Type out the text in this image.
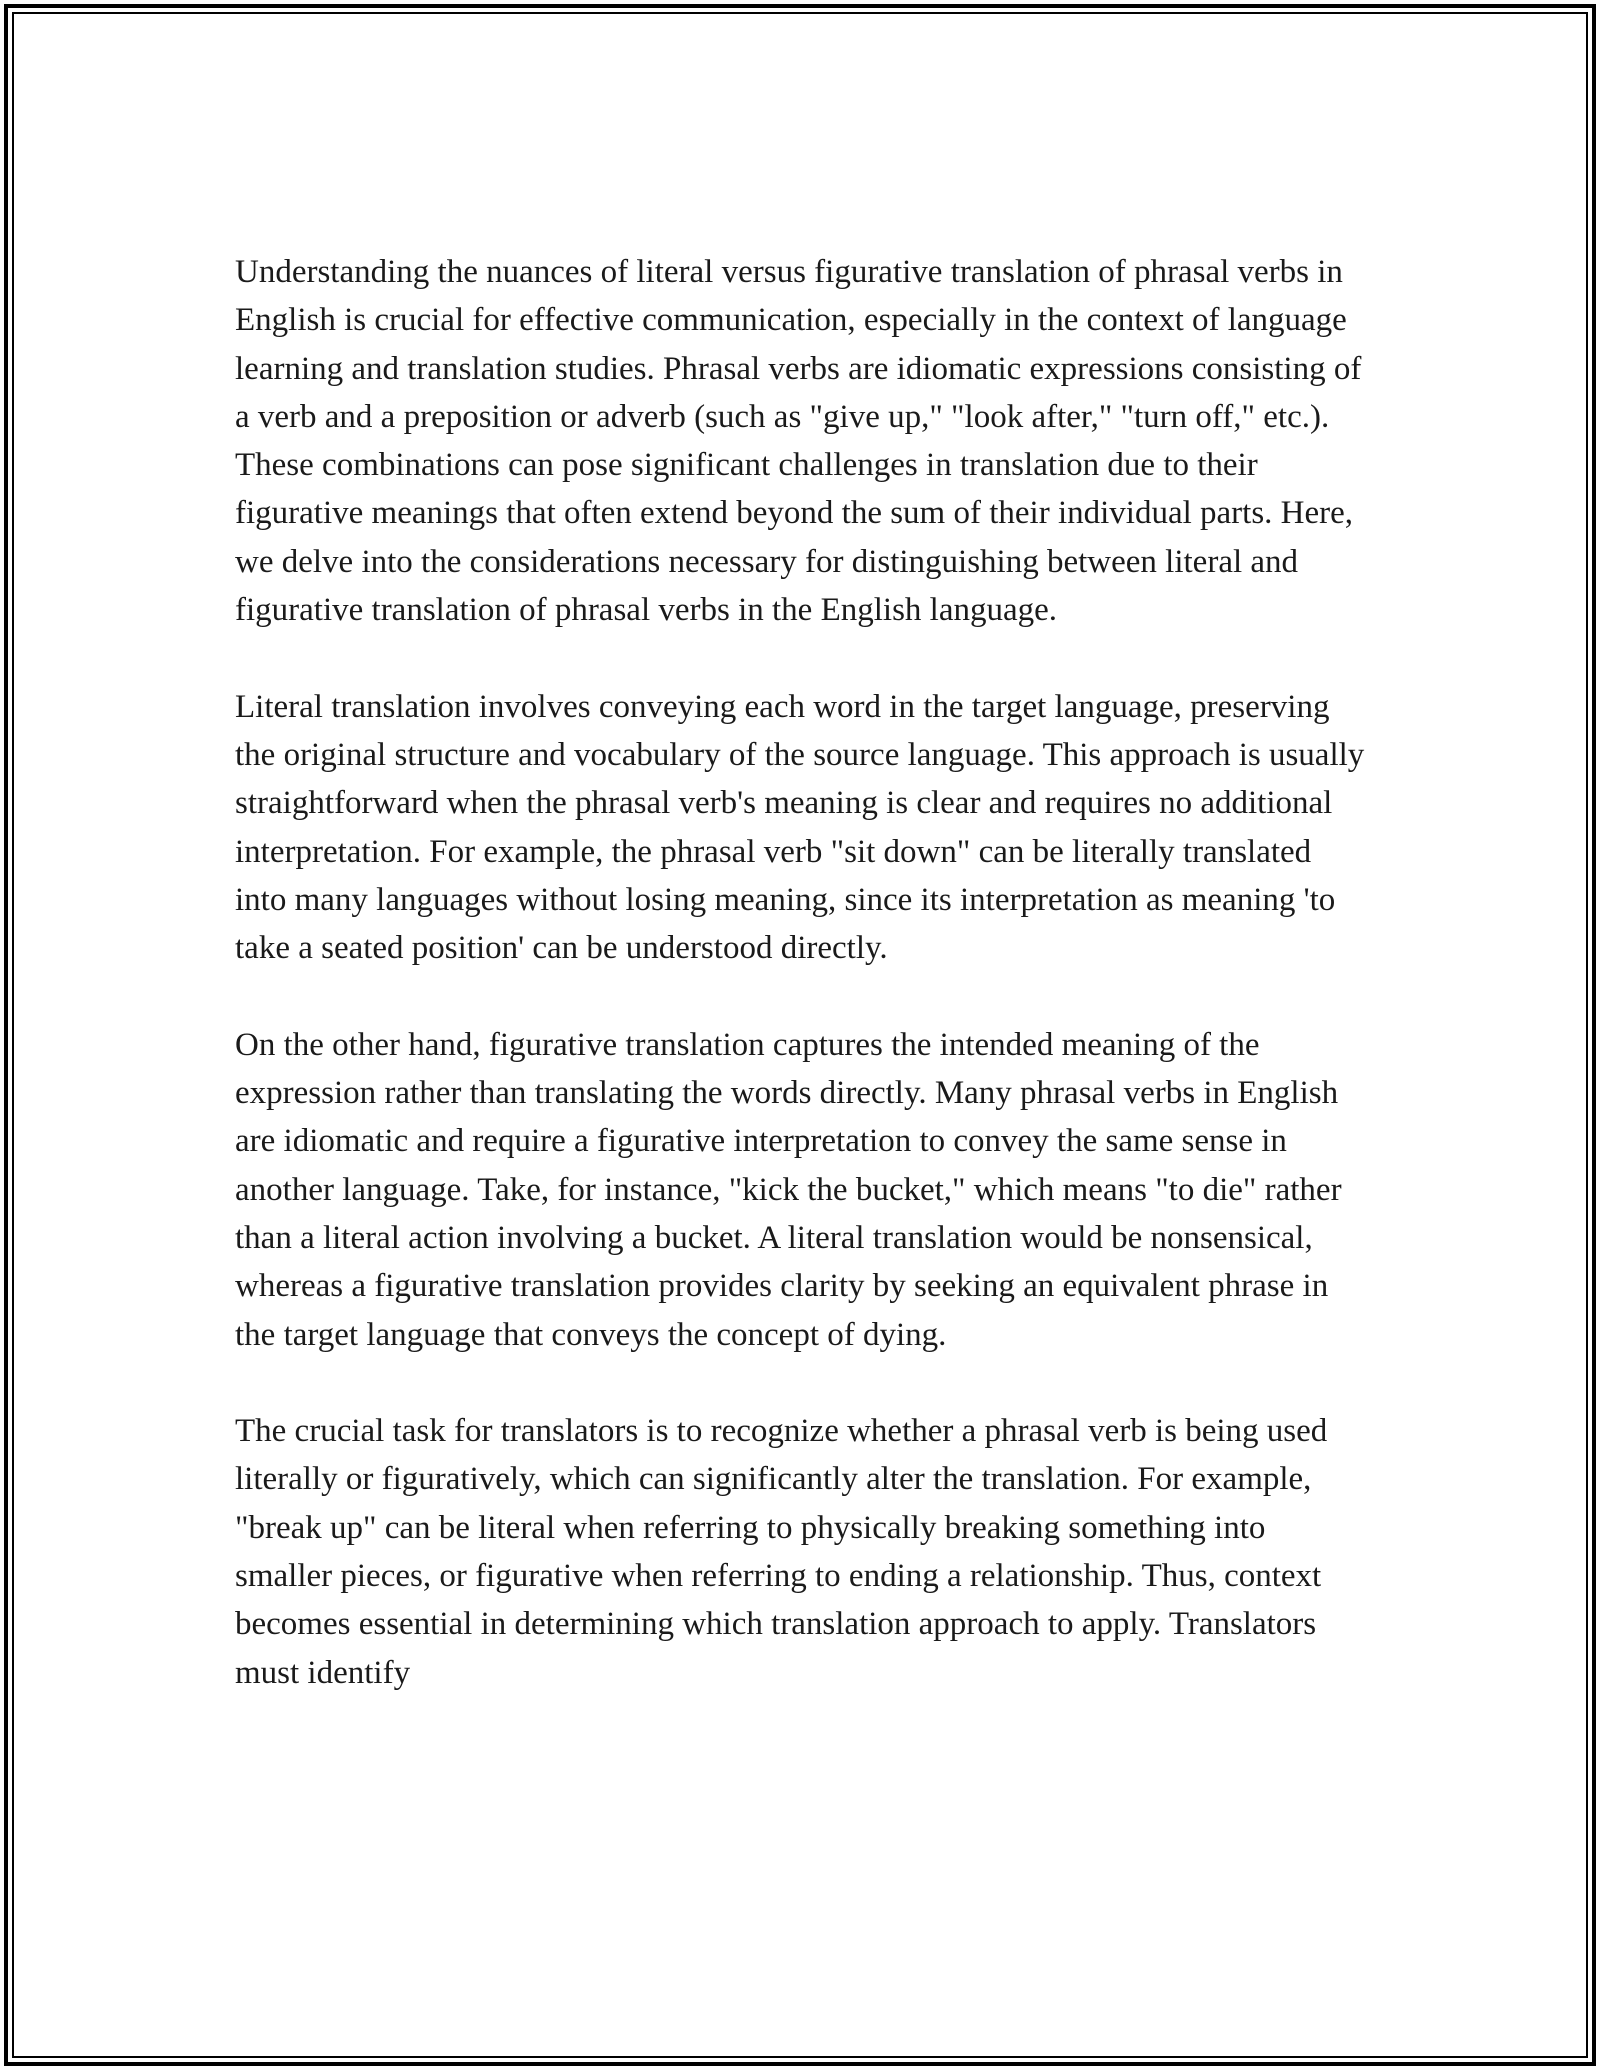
Understanding the nuances of literal versus figurative translation of phrasal verbs in English is crucial for effective communication, especially in the context of language learning and translation studies. Phrasal verbs are idiomatic expressions consisting of a verb and a preposition or adverb (such as "give up," "look after," "turn off," etc.). These combinations can pose significant challenges in translation due to their figurative meanings that often extend beyond the sum of their individual parts. Here, we delve into the considerations necessary for distinguishing between literal and figurative translation of phrasal verbs in the English language.

Literal translation involves conveying each word in the target language, preserving the original structure and vocabulary of the source language. This approach is usually straightforward when the phrasal verb's meaning is clear and requires no additional interpretation. For example, the phrasal verb "sit down" can be literally translated into many languages without losing meaning, since its interpretation as meaning 'to take a seated position' can be understood directly.

On the other hand, figurative translation captures the intended meaning of the expression rather than translating the words directly. Many phrasal verbs in English are idiomatic and require a figurative interpretation to convey the same sense in another language. Take, for instance, "kick the bucket," which means "to die" rather than a literal action involving a bucket. A literal translation would be nonsensical, whereas a figurative translation provides clarity by seeking an equivalent phrase in the target language that conveys the concept of dying.

The crucial task for translators is to recognize whether a phrasal verb is being used literally or figuratively, which can significantly alter the translation. For example, "break up" can be literal when referring to physically breaking something into smaller pieces, or figurative when referring to ending a relationship. Thus, context becomes essential in determining which translation approach to apply. Translators must identify
